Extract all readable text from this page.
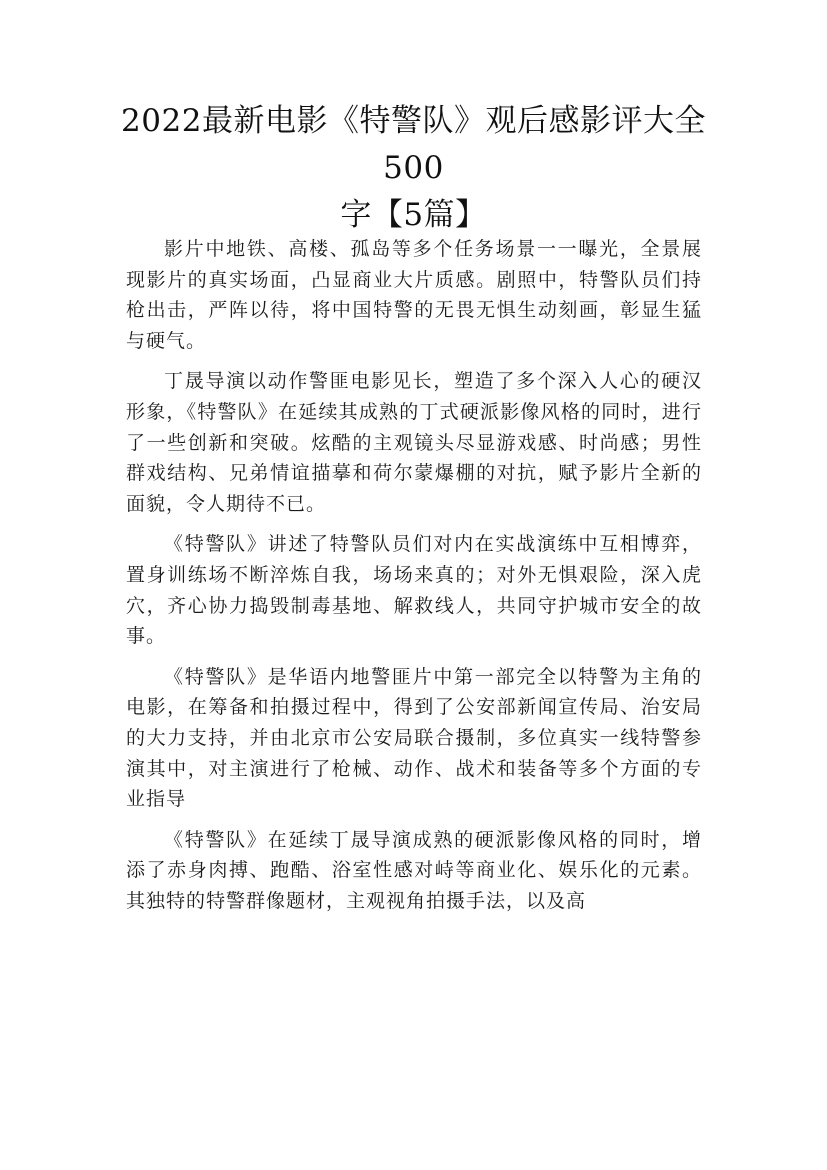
2022最新电影《特警队》观后感影评大全500
字【5篇】

影片中地铁、高楼、孤岛等多个任务场景一一曝光，全景展现影片的真实场面，凸显商业大片质感。剧照中，特警队员们持枪出击，严阵以待，将中国特警的无畏无惧生动刻画，彰显生猛与硬气。

丁晟导演以动作警匪电影见长，塑造了多个深入人心的硬汉形象，《特警队》在延续其成熟的丁式硬派影像风格的同时，进行了一些创新和突破。炫酷的主观镜头尽显游戏感、时尚感；男性群戏结构、兄弟情谊描摹和荷尔蒙爆棚的对抗，赋予影片全新的面貌，令人期待不已。

《特警队》讲述了特警队员们对内在实战演练中互相博弈，置身训练场不断淬炼自我，场场来真的；对外无惧艰险，深入虎穴，齐心协力捣毁制毒基地、解救线人，共同守护城市安全的故事。

《特警队》是华语内地警匪片中第一部完全以特警为主角的电影，在筹备和拍摄过程中，得到了公安部新闻宣传局、治安局的大力支持，并由北京市公安局联合摄制，多位真实一线特警参演其中，对主演进行了枪械、动作、战术和装备等多个方面的专业指导

《特警队》在延续丁晟导演成熟的硬派影像风格的同时，增添了赤身肉搏、跑酷、浴室性感对峙等商业化、娱乐化的元素。其独特的特警群像题材，主观视角拍摄手法，以及高
